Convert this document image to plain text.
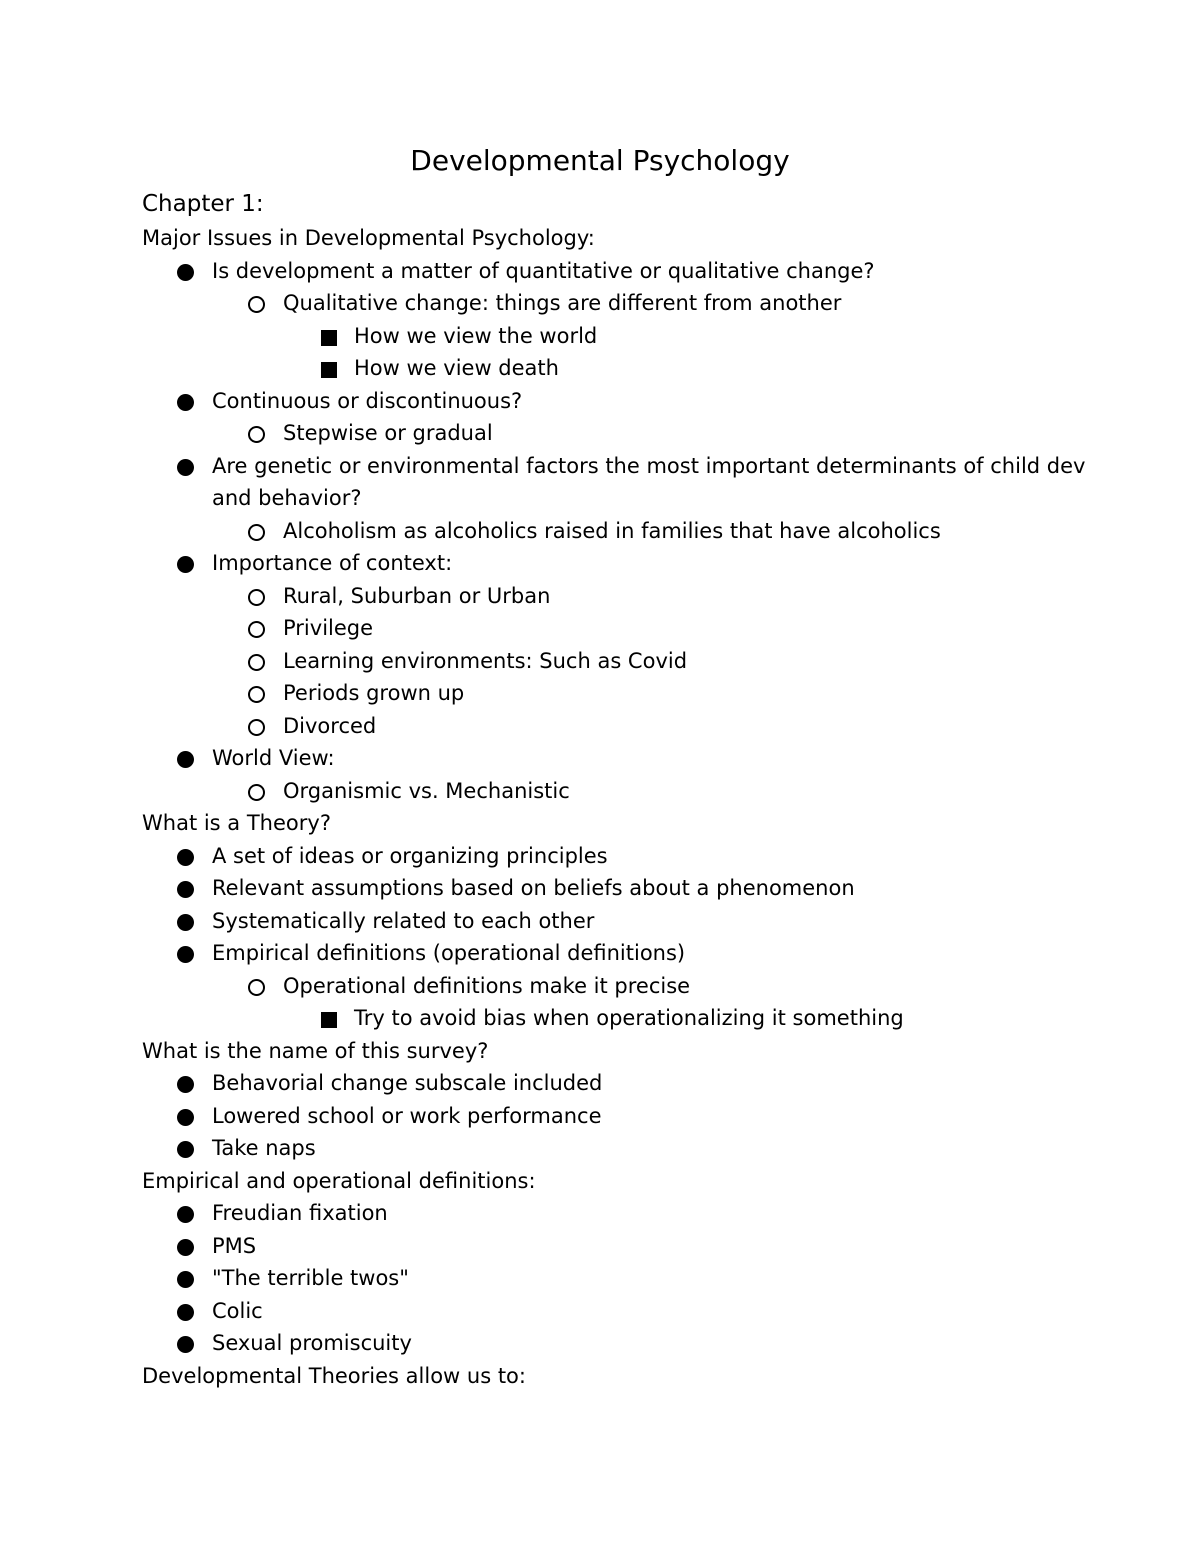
Developmental Psychology
Chapter 1:
Major Issues in Developmental Psychology:
Is development a matter of quantitative or qualitative change?
Qualitative change: things are different from another
How we view the world
How we view death
Continuous or discontinuous?
Stepwise or gradual
Are genetic or environmental factors the most important determinants of child dev
and behavior?
Alcoholism as alcoholics raised in families that have alcoholics
Importance of context:
Rural, Suburban or Urban
Privilege
Learning environments: Such as Covid
Periods grown up
Divorced
World View:
Organismic vs. Mechanistic
What is a Theory?
A set of ideas or organizing principles
Relevant assumptions based on beliefs about a phenomenon
Systematically related to each other
Empirical definitions (operational definitions)
Operational definitions make it precise
Try to avoid bias when operationalizing it something
What is the name of this survey?
Behavorial change subscale included
Lowered school or work performance
Take naps
Empirical and operational definitions:
Freudian fixation
PMS
"The terrible twos"
Colic
Sexual promiscuity
Developmental Theories allow us to:
